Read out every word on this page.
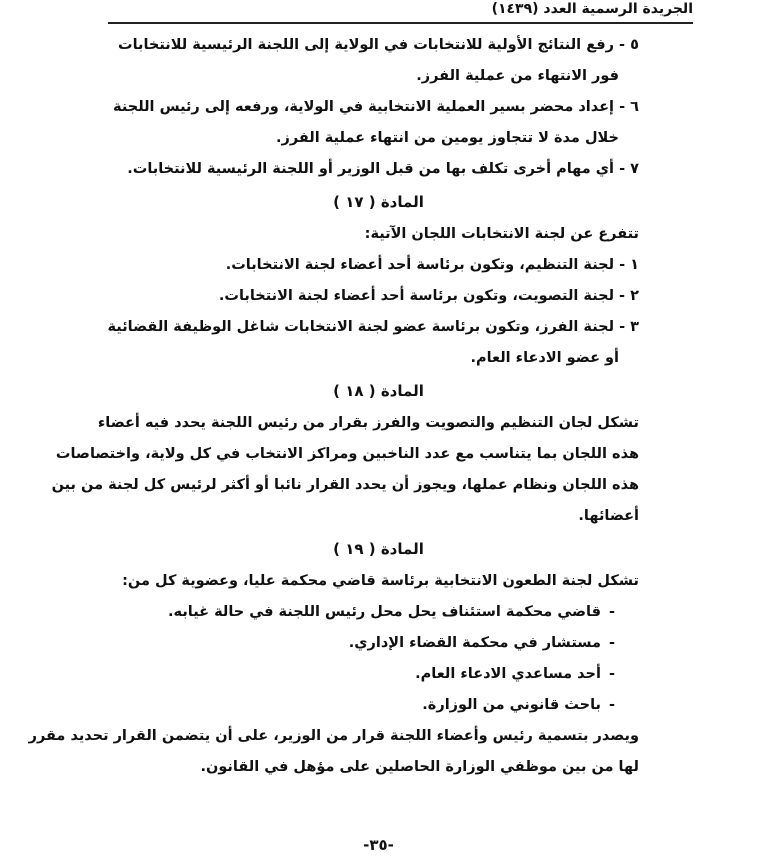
الجريدة الرسمية العدد (١٤٣٩)
٥ - رفع النتائج الأولية للانتخابات في الولاية إلى اللجنة الرئيسية للانتخابات
فور الانتهاء من عملية الفرز.
٦ - إعداد محضر بسير العملية الانتخابية في الولاية، ورفعه إلى رئيس اللجنة
خلال مدة لا تتجاوز يومين من انتهاء عملية الفرز.
٧ - أي مهام أخرى تكلف بها من قبل الوزير أو اللجنة الرئيسية للانتخابات.
المادة ( ١٧ )
تتفرع عن لجنة الانتخابات اللجان الآتية:
١ - لجنة التنظيم، وتكون برئاسة أحد أعضاء لجنة الانتخابات.
٢ - لجنة التصويت، وتكون برئاسة أحد أعضاء لجنة الانتخابات.
٣ - لجنة الفرز، وتكون برئاسة عضو لجنة الانتخابات شاغل الوظيفة القضائية
أو عضو الادعاء العام.
المادة ( ١٨ )
تشكل لجان التنظيم والتصويت والفرز بقرار من رئيس اللجنة يحدد فيه أعضاء
هذه اللجان بما يتناسب مع عدد الناخبين ومراكز الانتخاب في كل ولاية، واختصاصات
هذه اللجان ونظام عملها، ويجوز أن يحدد القرار نائبا أو أكثر لرئيس كل لجنة من بين
أعضائها.
المادة ( ١٩ )
تشكل لجنة الطعون الانتخابية برئاسة قاضي محكمة عليا، وعضوية كل من:
-قاضي محكمة استئناف يحل محل رئيس اللجنة في حالة غيابه.
-مستشار في محكمة القضاء الإداري.
-أحد مساعدي الادعاء العام.
-باحث قانوني من الوزارة.
ويصدر بتسمية رئيس وأعضاء اللجنة قرار من الوزير، على أن يتضمن القرار تحديد مقرر
لها من بين موظفي الوزارة الحاصلين على مؤهل في القانون.
-٣٥-
